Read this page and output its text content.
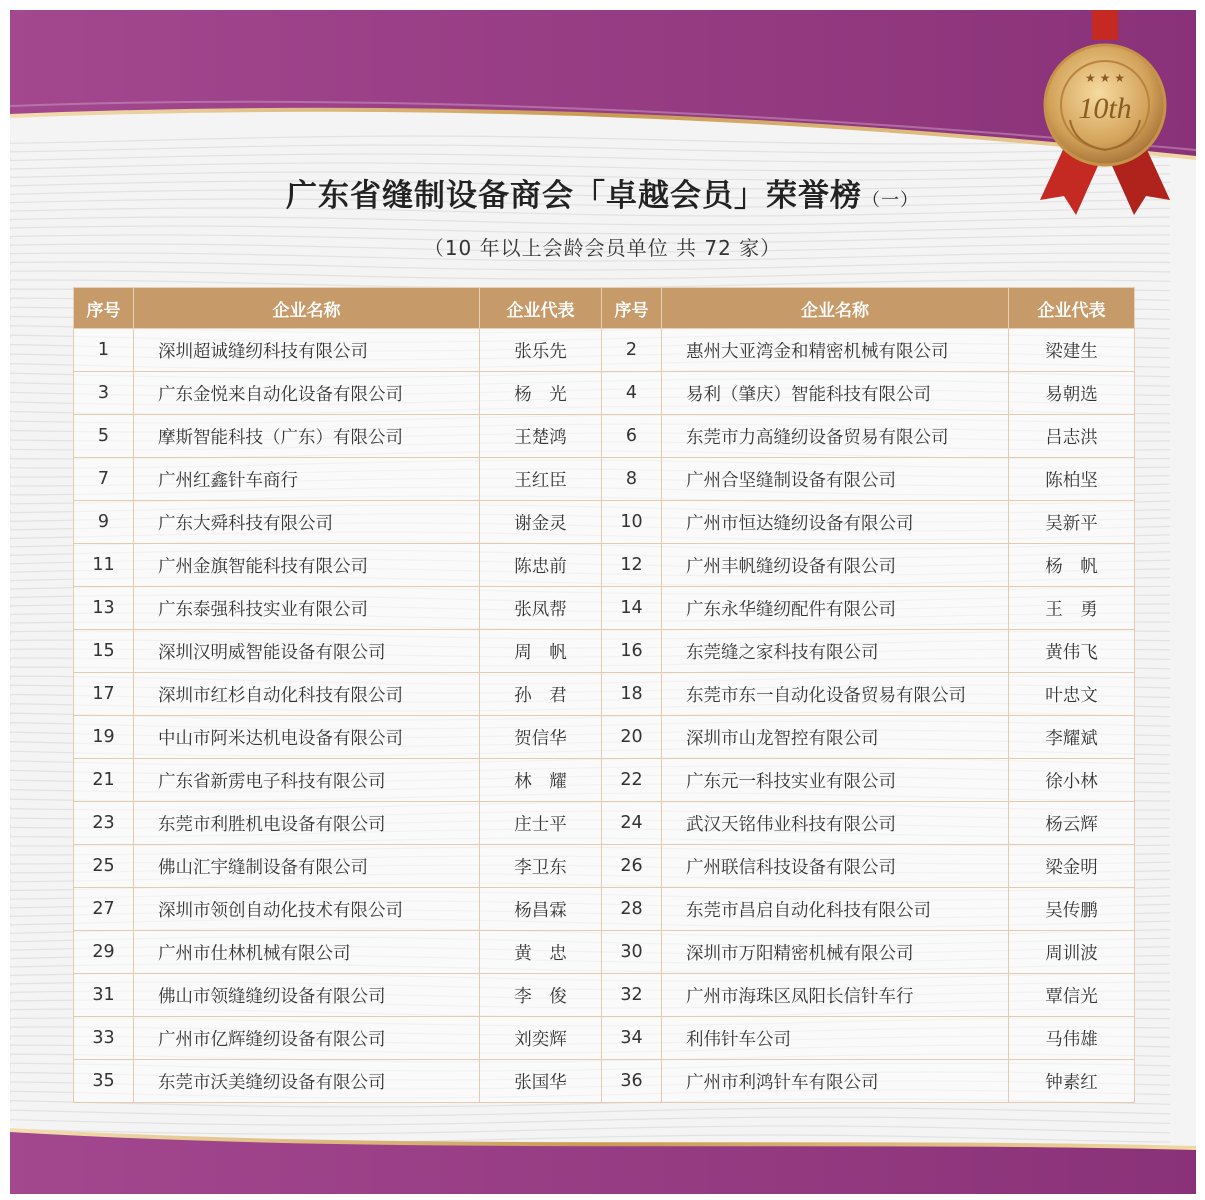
10th
★ ★ ★
广东省缝制设备商会「卓越会员」荣誉榜（一）
（10 年以上会龄会员单位 共 72 家）
序号	企业名称	企业代表	序号	企业名称	企业代表
1	深圳超诚缝纫科技有限公司	张乐先	2	惠州大亚湾金和精密机械有限公司	梁建生
3	广东金悦来自动化设备有限公司	杨　光	4	易利（肇庆）智能科技有限公司	易朝选
5	摩斯智能科技（广东）有限公司	王楚鸿	6	东莞市力高缝纫设备贸易有限公司	吕志洪
7	广州红鑫针车商行	王红臣	8	广州合坚缝制设备有限公司	陈柏坚
9	广东大舜科技有限公司	谢金灵	10	广州市恒达缝纫设备有限公司	吴新平
11	广州金旗智能科技有限公司	陈忠前	12	广州丰帆缝纫设备有限公司	杨　帆
13	广东泰强科技实业有限公司	张凤帮	14	广东永华缝纫配件有限公司	王　勇
15	深圳汉明威智能设备有限公司	周　帆	16	东莞缝之家科技有限公司	黄伟飞
17	深圳市红杉自动化科技有限公司	孙　君	18	东莞市东一自动化设备贸易有限公司	叶忠文
19	中山市阿米达机电设备有限公司	贺信华	20	深圳市山龙智控有限公司	李耀斌
21	广东省新雳电子科技有限公司	林　耀	22	广东元一科技实业有限公司	徐小林
23	东莞市利胜机电设备有限公司	庄士平	24	武汉天铭伟业科技有限公司	杨云辉
25	佛山汇宇缝制设备有限公司	李卫东	26	广州联信科技设备有限公司	梁金明
27	深圳市领创自动化技术有限公司	杨昌霖	28	东莞市昌启自动化科技有限公司	吴传鹏
29	广州市仕林机械有限公司	黄　忠	30	深圳市万阳精密机械有限公司	周训波
31	佛山市领缝缝纫设备有限公司	李　俊	32	广州市海珠区凤阳长信针车行	覃信光
33	广州市亿辉缝纫设备有限公司	刘奕辉	34	利伟针车公司	马伟雄
35	东莞市沃美缝纫设备有限公司	张国华	36	广州市利鸿针车有限公司	钟素红
